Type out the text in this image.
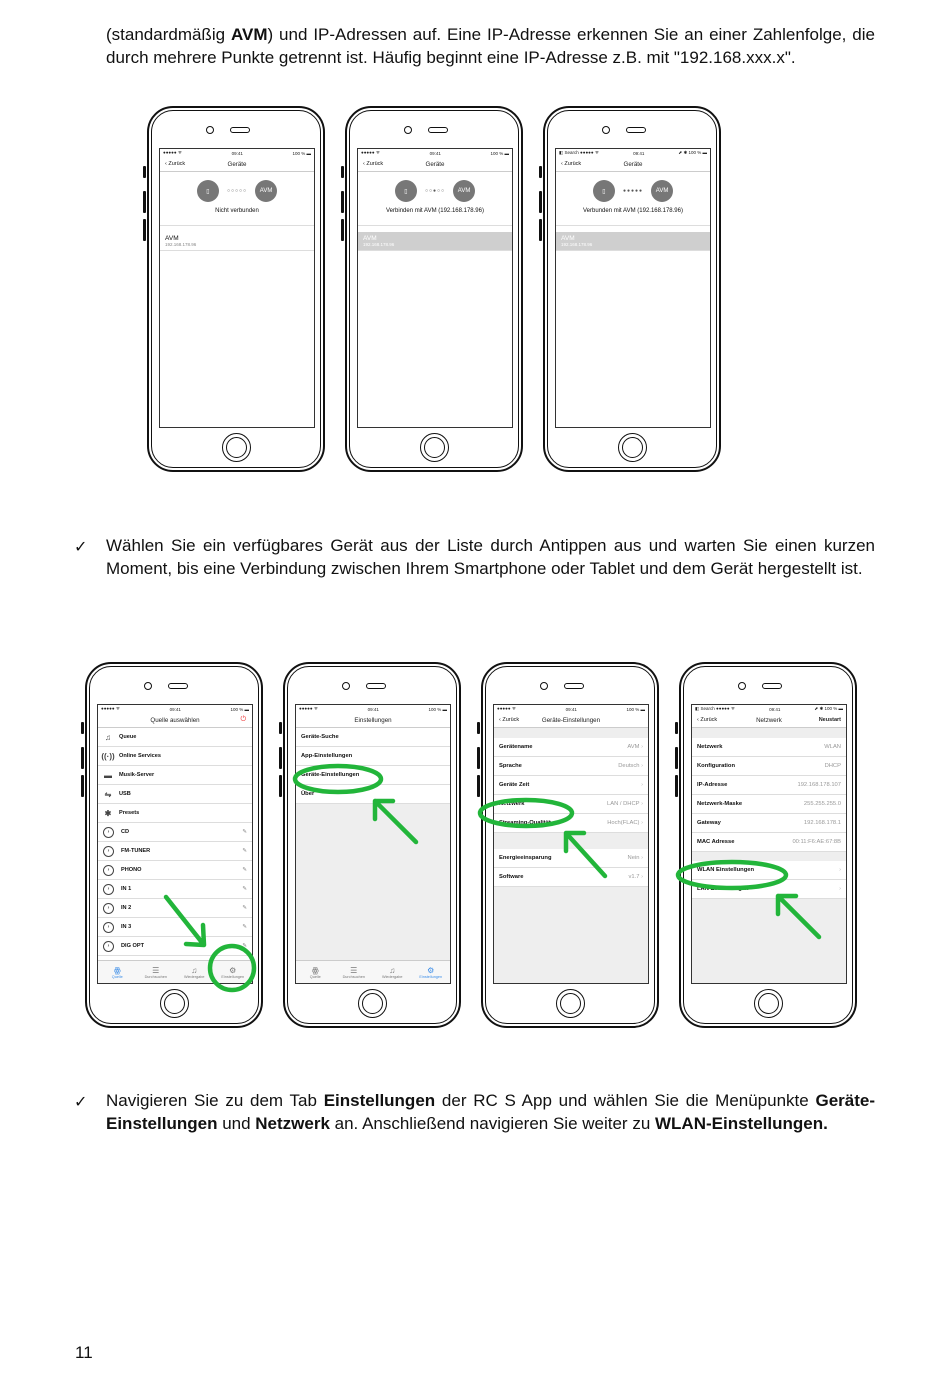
(standardmäßig AVM) und IP-Adressen auf. Eine IP-Adresse erkennen Sie an einer Zahlenfolge, die durch mehrere Punkte getrennt ist. Häufig beginnt eine IP-Adresse z.B. mit "192.168.xxx.x".
●●●●● ᯤ	09:41	100 % ▬
‹ Zurück	Geräte
▯	○○○○○	AVM
Nicht verbunden
AVM
192.168.178.96
●●●●● ᯤ	09:41	100 % ▬
‹ Zurück	Geräte
▯	○○●○○	AVM
Verbinden mit AVM (192.168.178.96)
AVM
192.168.178.96
◧ Search ●●●●● ᯤ	09:41	⬈ ✱ 100 % ▬
‹ Zurück	Geräte
▯	●●●●●	AVM
Verbunden mit AVM (192.168.178.96)
AVM
192.168.178.96
✓ Wählen Sie ein verfügbares Gerät aus der Liste durch Antippen aus und warten Sie einen kurzen Moment, bis eine Verbindung zwischen Ihrem Smartphone oder Tablet und dem Gerät hergestellt ist.
●●●●● ᯤ	09:41	100 % ▬
Quelle auswählen	⏻
♫	Queue
((·)) Online Services
▬	Musik-Server
⇋	USB
✱	Presets
›	CD	✎
›	FM-TUNER	✎
›	PHONO	✎
›	IN 1	✎
›	IN 2	✎
›	IN 3	✎
›	DIG OPT	✎
ꙮ
Quelle
☰
Durchsuchen
♫
Wiedergabe
⚙
Einstellungen
●●●●● ᯤ	09:41	100 % ▬
Einstellungen
Geräte-Suche
App-Einstellungen
Geräte-Einstellungen
Über
ꙮ
Quelle
☰
Durchsuchen
♫
Wiedergabe
⚙
Einstellungen
●●●●● ᯤ	09:41	100 % ▬
‹ Zurück	Geräte-Einstellungen
Gerätename	AVM ›
Sprache	Deutsch ›
Geräte Zeit
›
Netzwerk	LAN / DHCP ›
Streaming-Qualität	Hoch(FLAC) ›
Energieeinsparung	Nein ›
Software	v1.7 ›
◧ Search ●●●●● ᯤ	09:41	⬈ ✱ 100 % ▬
‹ Zurück	Netzwerk	Neustart
Netzwerk	WLAN
Konfiguration	DHCP
IP-Adresse	192.168.178.107
Netzwerk-Maske	255.255.255.0
Gateway	192.168.178.1
MAC Adresse	00:11:F6:AE:67:8B
WLAN Einstellungen
›
LAN Einstellungen
›
✓ Navigieren Sie zu dem Tab Einstellungen der RC S App und wählen Sie die Menüpunkte Geräte-Einstellungen und Netzwerk an. Anschließend navigieren Sie weiter zu WLAN-Einstellungen.
11
